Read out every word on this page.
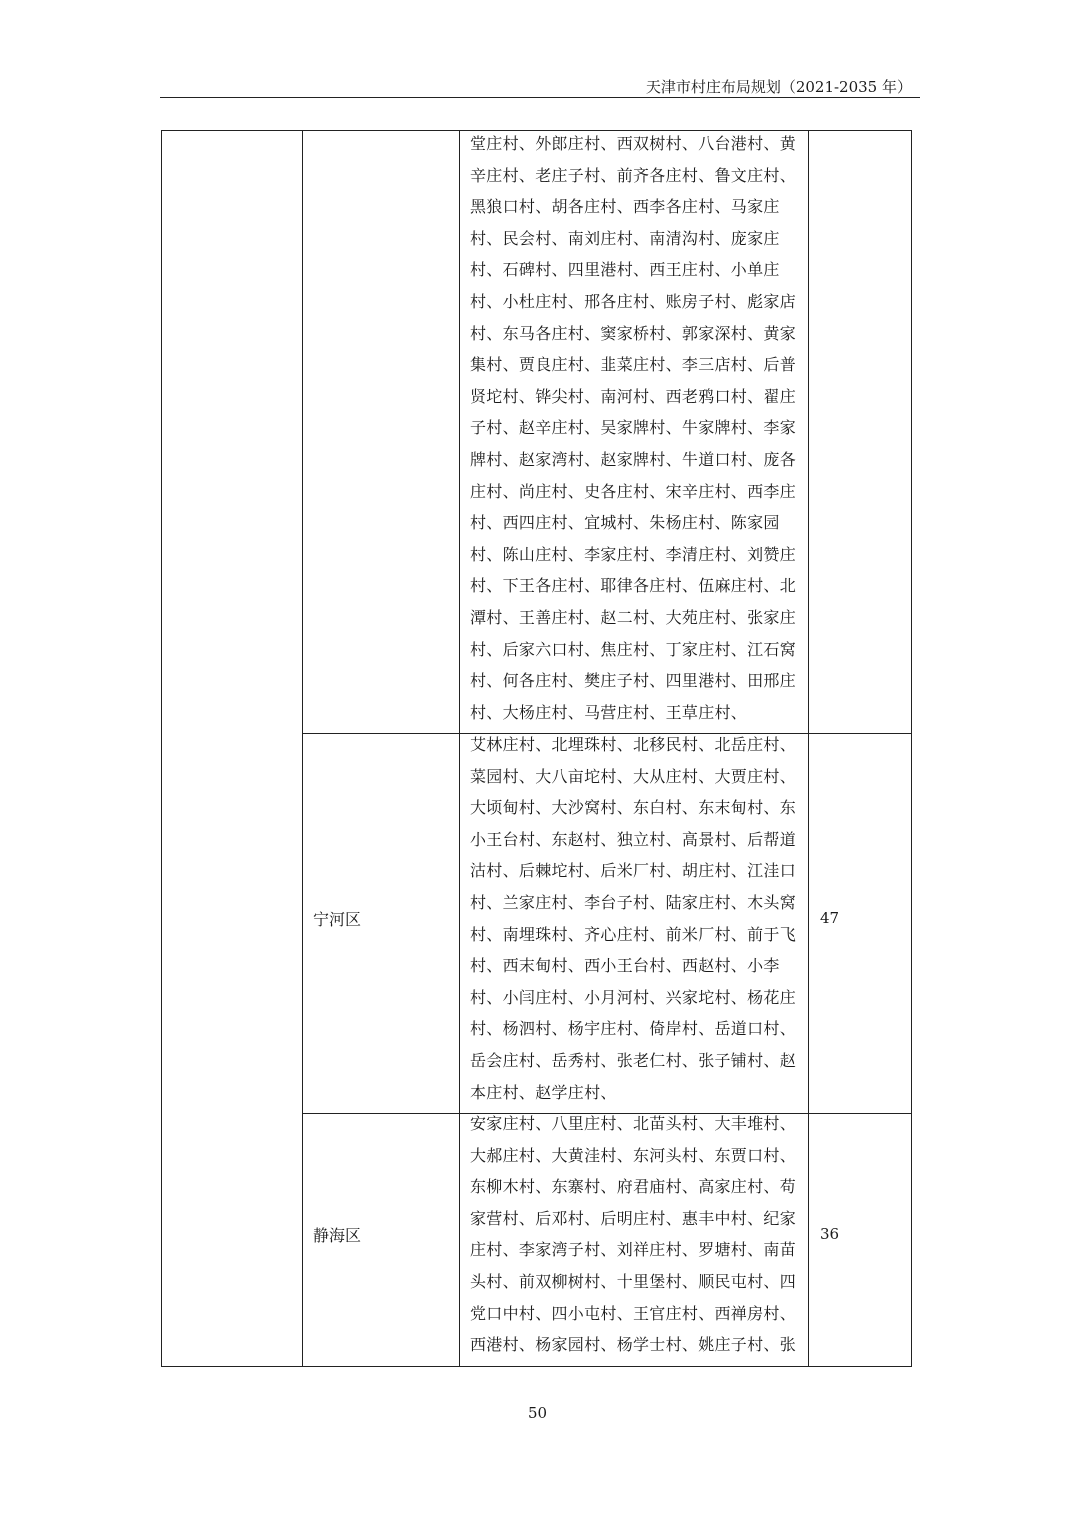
天津市村庄布局规划（2021-2035 年）
堂庄村、外郎庄村、西双树村、八台港村、黄
辛庄村、老庄子村、前齐各庄村、鲁文庄村、
黑狼口村、胡各庄村、西李各庄村、马家庄
村、民会村、南刘庄村、南清沟村、庞家庄
村、石碑村、四里港村、西王庄村、小单庄
村、小杜庄村、邢各庄村、账房子村、彪家店
村、东马各庄村、窦家桥村、郭家深村、黄家
集村、贾良庄村、韭菜庄村、李三店村、后普
贤坨村、铧尖村、南河村、西老鸦口村、翟庄
子村、赵辛庄村、吴家牌村、牛家牌村、李家
牌村、赵家湾村、赵家牌村、牛道口村、庞各
庄村、尚庄村、史各庄村、宋辛庄村、西李庄
村、西四庄村、宜城村、朱杨庄村、陈家园
村、陈山庄村、李家庄村、李清庄村、刘赞庄
村、下王各庄村、耶律各庄村、伍麻庄村、北
潭村、王善庄村、赵二村、大苑庄村、张家庄
村、后家六口村、焦庄村、丁家庄村、江石窝
村、何各庄村、樊庄子村、四里港村、田邢庄
村、大杨庄村、马营庄村、王草庄村、
宁河区
艾林庄村、北埋珠村、北移民村、北岳庄村、
菜园村、大八亩坨村、大从庄村、大贾庄村、
大顷甸村、大沙窝村、东白村、东末甸村、东
小王台村、东赵村、独立村、高景村、后帮道
沽村、后棘坨村、后米厂村、胡庄村、江洼口
村、兰家庄村、李台子村、陆家庄村、木头窝
村、南埋珠村、齐心庄村、前米厂村、前于飞
村、西末甸村、西小王台村、西赵村、小李
村、小闫庄村、小月河村、兴家坨村、杨花庄
村、杨泗村、杨宇庄村、倚岸村、岳道口村、
岳会庄村、岳秀村、张老仁村、张子铺村、赵
本庄村、赵学庄村、
47
静海区
安家庄村、八里庄村、北苗头村、大丰堆村、
大郝庄村、大黄洼村、东河头村、东贾口村、
东柳木村、东寨村、府君庙村、高家庄村、苟
家营村、后邓村、后明庄村、惠丰中村、纪家
庄村、李家湾子村、刘祥庄村、罗塘村、南苗
头村、前双柳树村、十里堡村、顺民屯村、四
党口中村、四小屯村、王官庄村、西禅房村、
西港村、杨家园村、杨学士村、姚庄子村、张
36
50
